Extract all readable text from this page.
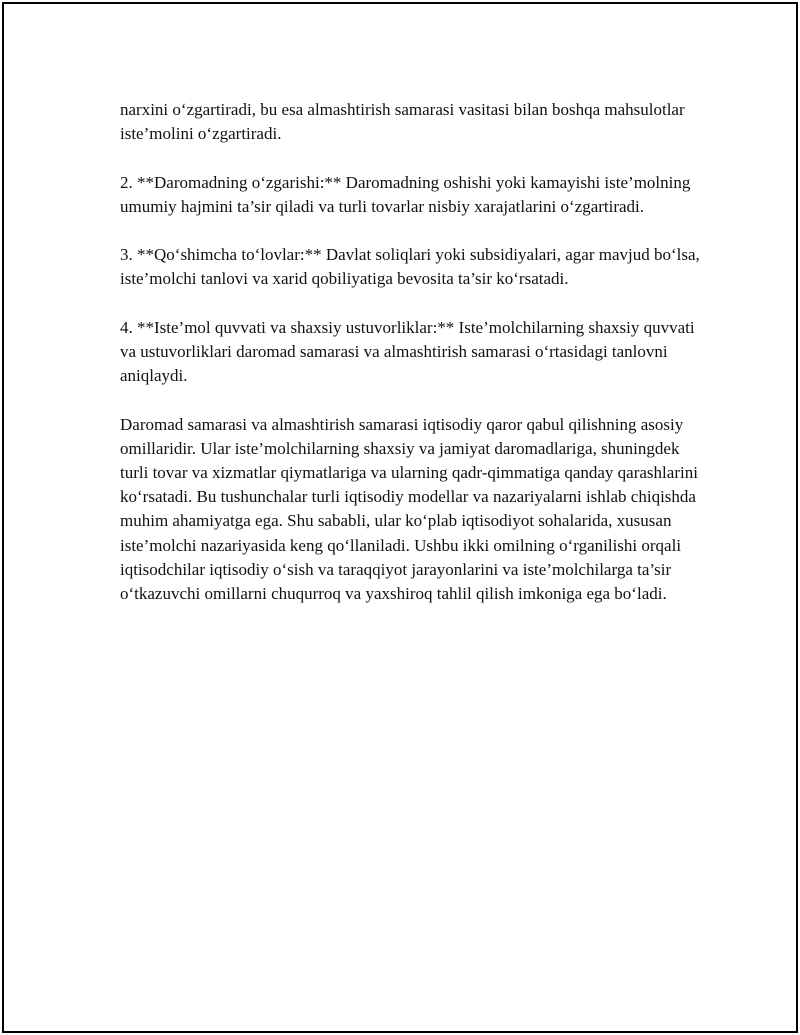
narxini o‘zgartiradi, bu esa almashtirish samarasi vasitasi bilan boshqa mahsulotlar iste’molini o‘zgartiradi.

2. **Daromadning o‘zgarishi:** Daromadning oshishi yoki kamayishi iste’molning umumiy hajmini ta’sir qiladi va turli tovarlar nisbiy xarajatlarini o‘zgartiradi.

3. **Qo‘shimcha to‘lovlar:** Davlat soliqlari yoki subsidiyalari, agar mavjud bo‘lsa, iste’molchi tanlovi va xarid qobiliyatiga bevosita ta’sir ko‘rsatadi.

4. **Iste’mol quvvati va shaxsiy ustuvorliklar:** Iste’molchilarning shaxsiy quvvati va ustuvorliklari daromad samarasi va almashtirish samarasi o‘rtasidagi tanlovni aniqlaydi.

Daromad samarasi va almashtirish samarasi iqtisodiy qaror qabul qilishning asosiy omillaridir. Ular iste’molchilarning shaxsiy va jamiyat daromadlariga, shuningdek turli tovar va xizmatlar qiymatlariga va ularning qadr-qimmatiga qanday qarashlarini ko‘rsatadi. Bu tushunchalar turli iqtisodiy modellar va nazariyalarni ishlab chiqishda muhim ahamiyatga ega. Shu sababli, ular ko‘plab iqtisodiyot sohalarida, xususan iste’molchi nazariyasida keng qo‘llaniladi. Ushbu ikki omilning o‘rganilishi orqali iqtisodchilar iqtisodiy o‘sish va taraqqiyot jarayonlarini va iste’molchilarga ta’sir o‘tkazuvchi omillarni chuqurroq va yaxshiroq tahlil qilish imkoniga ega bo‘ladi.
